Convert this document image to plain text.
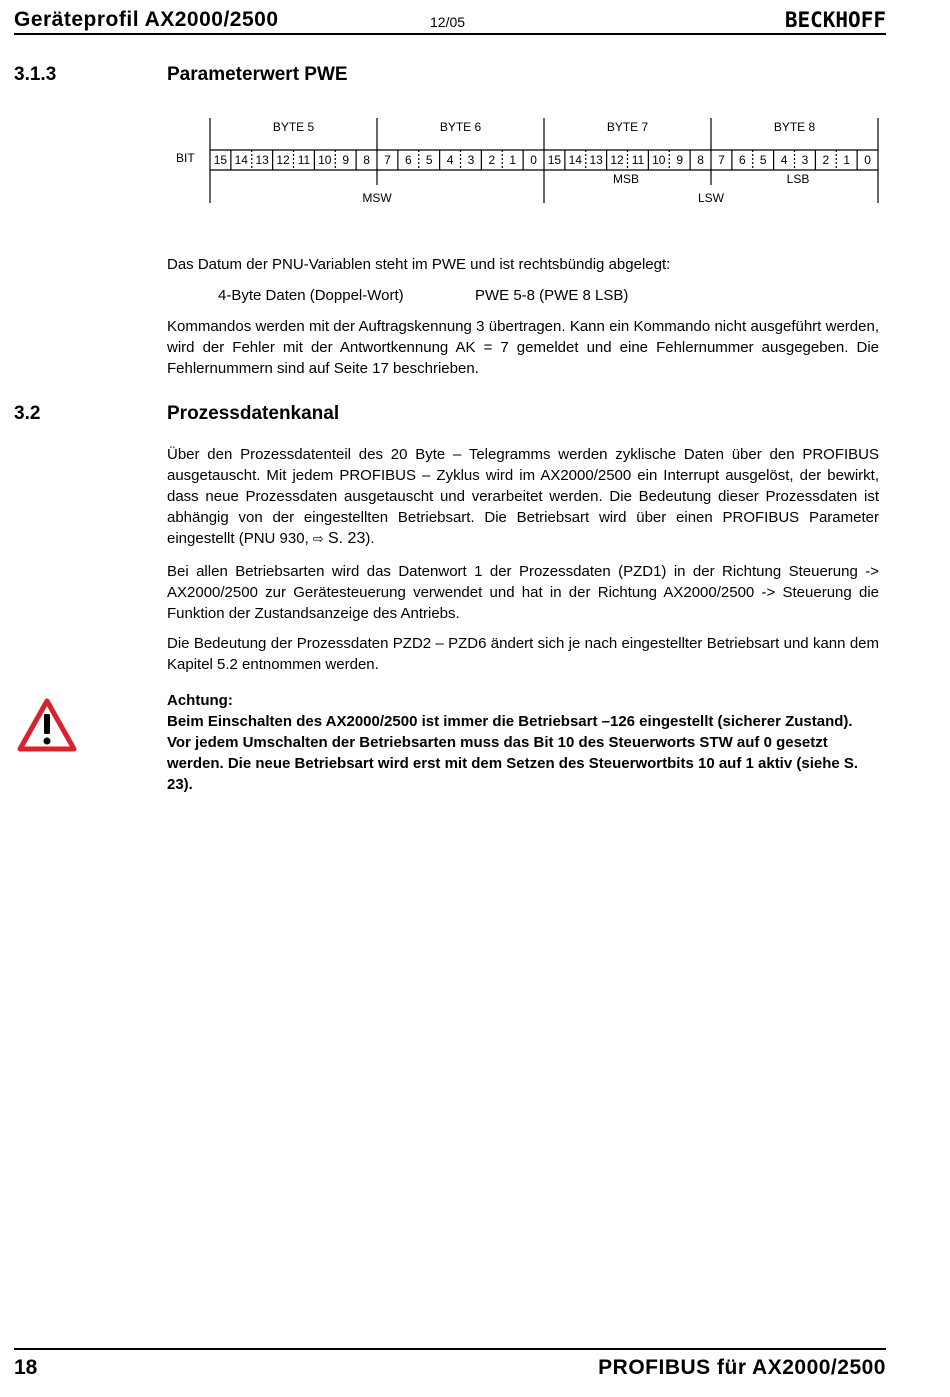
Geräteprofil AX2000/2500	12/05	BECKHOFF
3.1.3	Parameterwert PWE
BIT
BYTE 5	BYTE 6	BYTE 7	BYTE 8
15 14 13 12 11 10 9 8 7 6 5 4 3 2 1 0 15 14 13 12 11 10 9 8 7 6 5 4 3 2 1 0
MSW	LSW
MSB	LSB

Das Datum der PNU-Variablen steht im PWE und ist rechtsbündig abgelegt:

4-Byte Daten (Doppel-Wort)	PWE 5-8 (PWE 8 LSB)

Kommandos werden mit der Auftragskennung 3 übertragen. Kann ein Kommando nicht ausgeführt werden, wird der Fehler mit der Antwortkennung AK = 7 gemeldet und eine Fehlernummer ausgegeben. Die Fehlernummern sind auf Seite 17 beschrieben.

3.2	Prozessdatenkanal

Über den Prozessdatenteil des 20 Byte – Telegramms werden zyklische Daten über den PROFIBUS ausgetauscht. Mit jedem PROFIBUS – Zyklus wird im AX2000/2500 ein Interrupt ausgelöst, der bewirkt, dass neue Prozessdaten ausgetauscht und verarbeitet werden. Die Bedeutung dieser Prozessdaten ist abhängig von der eingestellten Betriebsart. Die Betriebsart wird über einen PROFIBUS Parameter eingestellt (PNU 930, ⇨ S. 23).

Bei allen Betriebsarten wird das Datenwort 1 der Prozessdaten (PZD1) in der Richtung Steuerung -> AX2000/2500 zur Gerätesteuerung verwendet und hat in der Richtung AX2000/2500 -> Steuerung die Funktion der Zustandsanzeige des Antriebs.

Die Bedeutung der Prozessdaten PZD2 – PZD6 ändert sich je nach eingestellter Betriebsart und kann dem Kapitel 5.2 entnommen werden.

Achtung:

Beim Einschalten des AX2000/2500 ist immer die Betriebsart –126 eingestellt (sicherer Zustand). Vor jedem Umschalten der Betriebsarten muss das Bit 10 des Steuerworts STW auf 0 gesetzt werden. Die neue Betriebsart wird erst mit dem Setzen des Steuerwortbits 10 auf 1 aktiv (siehe S. 23).

18	PROFIBUS für AX2000/2500
